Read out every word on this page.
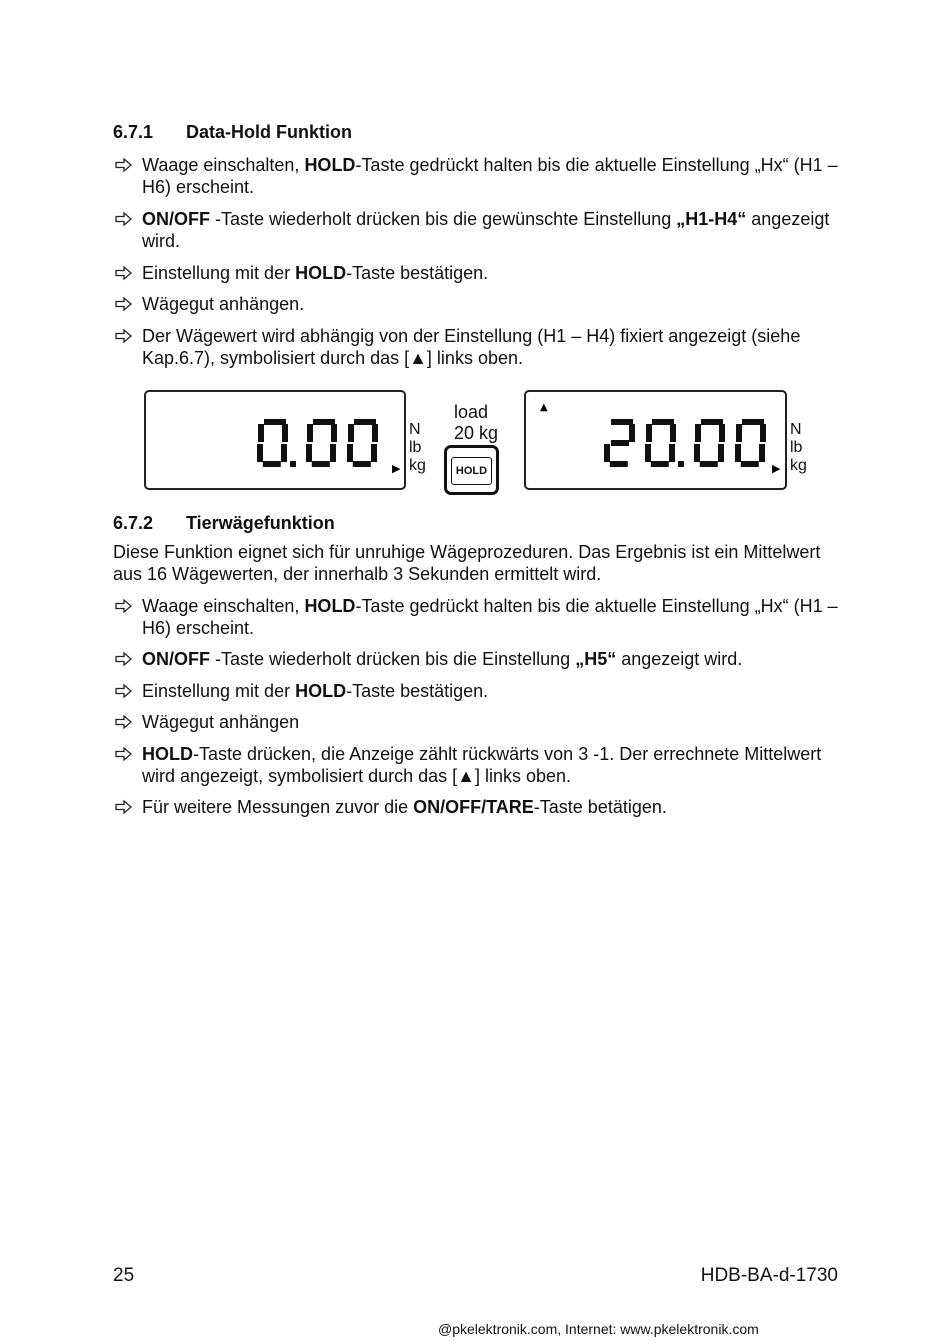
6.7.1 Data-Hold Funktion
Waage einschalten, HOLD-Taste gedrückt halten bis die aktuelle Einstellung „Hx“ (H1 – H6) erscheint.
ON/OFF -Taste wiederholt drücken bis die gewünschte Einstellung „H1-H4“ angezeigt wird.
Einstellung mit der HOLD-Taste bestätigen.
Wägegut anhängen.
Der Wägewert wird abhängig von der Einstellung (H1 – H4) fixiert angezeigt (siehe Kap.6.7), symbolisiert durch das [▲] links oben.
▶
N
lb
kg
load
20 kg
HOLD
▲
▶
N
lb
kg
6.7.2 Tierwägefunktion
Diese Funktion eignet sich für unruhige Wägeprozeduren. Das Ergebnis ist ein Mittelwert aus 16 Wägewerten, der innerhalb 3 Sekunden ermittelt wird.
Waage einschalten, HOLD-Taste gedrückt halten bis die aktuelle Einstellung „Hx“ (H1 – H6) erscheint.
ON/OFF -Taste wiederholt drücken bis die Einstellung „H5“ angezeigt wird.
Einstellung mit der HOLD-Taste bestätigen.
Wägegut anhängen
HOLD-Taste drücken, die Anzeige zählt rückwärts von 3 -1. Der errechnete Mittelwert wird angezeigt, symbolisiert durch das [▲] links oben.
Für weitere Messungen zuvor die ON/OFF/TARE-Taste betätigen.
25	HDB-BA-d-1730
@pkelektronik.com, Internet: www.pkelektronik.com
